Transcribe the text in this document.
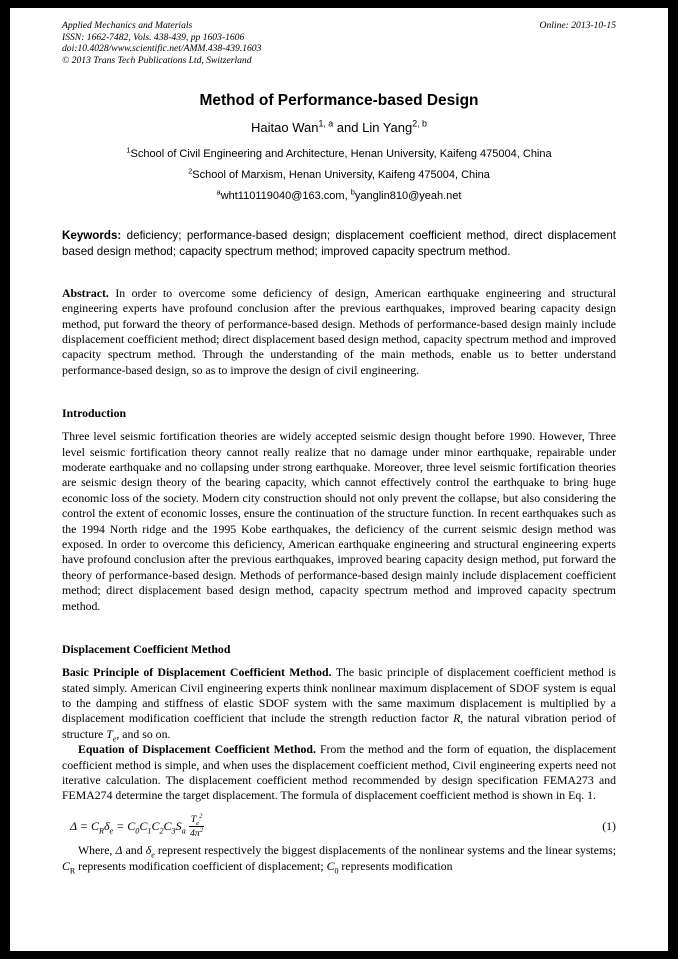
Applied Mechanics and Materials	Online: 2013-10-15
ISSN: 1662-7482, Vols. 438-439, pp 1603-1606
doi:10.4028/www.scientific.net/AMM.438-439.1603
© 2013 Trans Tech Publications Ltd, Switzerland
Method of Performance-based Design
Haitao Wan$^{1, a}$ and Lin Yang$^{2, b}$
$^1$School of Civil Engineering and Architecture, Henan University, Kaifeng 475004, China
$^2$School of Marxism, Henan University, Kaifeng 475004, China
$^a$wht110119040@163.com, $^b$yanglin810@yeah.net
Keywords: deficiency; performance-based design; displacement coefficient method, direct displacement based design method; capacity spectrum method; improved capacity spectrum method.
Abstract. In order to overcome some deficiency of design, American earthquake engineering and structural engineering experts have profound conclusion after the previous earthquakes, improved bearing capacity design method, put forward the theory of performance-based design. Methods of performance-based design mainly include displacement coefficient method; direct displacement based design method, capacity spectrum method and improved capacity spectrum method. Through the understanding of the main methods, enable us to better understand performance-based design, so as to improve the design of civil engineering.
Introduction
Three level seismic fortification theories are widely accepted seismic design thought before 1990. However, Three level seismic fortification theory cannot really realize that no damage under minor earthquake, repairable under moderate earthquake and no collapsing under strong earthquake. Moreover, three level seismic fortification theories are seismic design theory of the bearing capacity, which cannot effectively control the earthquake to bring huge economic loss of the society. Modern city construction should not only prevent the collapse, but also considering the control the extent of economic losses, ensure the continuation of the structure function. In recent earthquakes such as the 1994 North ridge and the 1995 Kobe earthquakes, the deficiency of the current seismic design method was exposed. In order to overcome this deficiency, American earthquake engineering and structural engineering experts have profound conclusion after the previous earthquakes, improved bearing capacity design method, put forward the theory of performance-based design. Methods of performance-based design mainly include displacement coefficient method; direct displacement based design method, capacity spectrum method and improved capacity spectrum method.
Displacement Coefficient Method
Basic Principle of Displacement Coefficient Method. The basic principle of displacement coefficient method is stated simply. American Civil engineering experts think nonlinear maximum displacement of SDOF system is equal to the damping and stiffness of elastic SDOF system with the same maximum displacement is multiplied by a displacement modification coefficient that include the strength reduction factor R, the natural vibration period of structure $T_e$, and so on.
Equation of Displacement Coefficient Method. From the method and the form of equation, the displacement coefficient method is simple, and when uses the displacement coefficient method, Civil engineering experts need not iterative calculation. The displacement coefficient method recommended by design specification FEMA273 and FEMA274 determine the target displacement. The formula of displacement coefficient method is shown in Eq. 1.
$\Delta = C_R\delta_e = C_0C_1C_2C_3S_a \frac{T_e^2}{4\pi^2}$	(1)
Where, Δ and $\delta_e$ represent respectively the biggest displacements of the nonlinear systems and the linear systems; $C_R$ represents modification coefficient of displacement; $C_0$ represents modification
